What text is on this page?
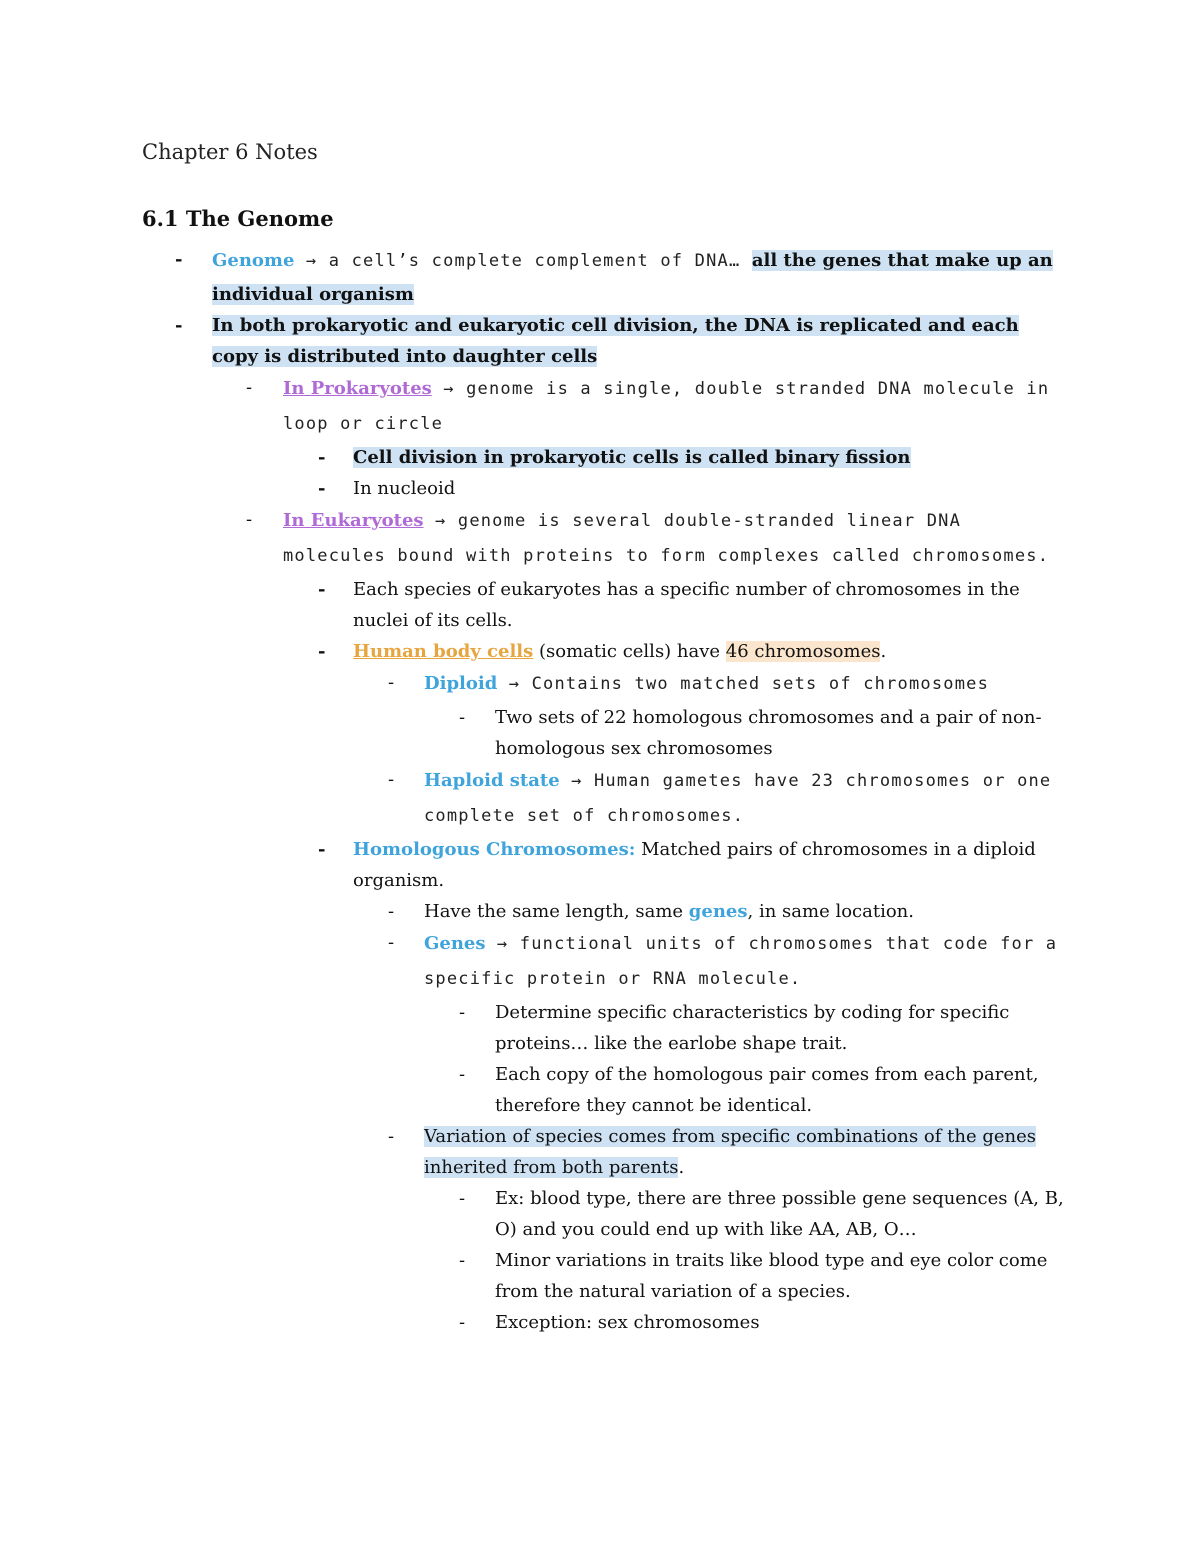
Chapter 6 Notes
6.1 The Genome
- Genome → a cell’s complete complement of DNA… all the genes that make up an individual organism
- In both prokaryotic and eukaryotic cell division, the DNA is replicated and each copy is distributed into daughter cells
- In Prokaryotes → genome is a single, double stranded DNA molecule in loop or circle
- Cell division in prokaryotic cells is called binary fission
- In nucleoid
- In Eukaryotes → genome is several double-stranded linear DNA molecules bound with proteins to form complexes called chromosomes.
- Each species of eukaryotes has a specific number of chromosomes in the nuclei of its cells.
- Human body cells (somatic cells) have 46 chromosomes.
- Diploid → Contains two matched sets of chromosomes
- Two sets of 22 homologous chromosomes and a pair of non-homologous sex chromosomes
- Haploid state → Human gametes have 23 chromosomes or one complete set of chromosomes.
- Homologous Chromosomes: Matched pairs of chromosomes in a diploid organism.
- Have the same length, same genes, in same location.
- Genes → functional units of chromosomes that code for a specific protein or RNA molecule.
- Determine specific characteristics by coding for specific proteins… like the earlobe shape trait.
- Each copy of the homologous pair comes from each parent, therefore they cannot be identical.
- Variation of species comes from specific combinations of the genes inherited from both parents.
- Ex: blood type, there are three possible gene sequences (A, B, O) and you could end up with like AA, AB, O…
- Minor variations in traits like blood type and eye color come from the natural variation of a species.
- Exception: sex chromosomes
